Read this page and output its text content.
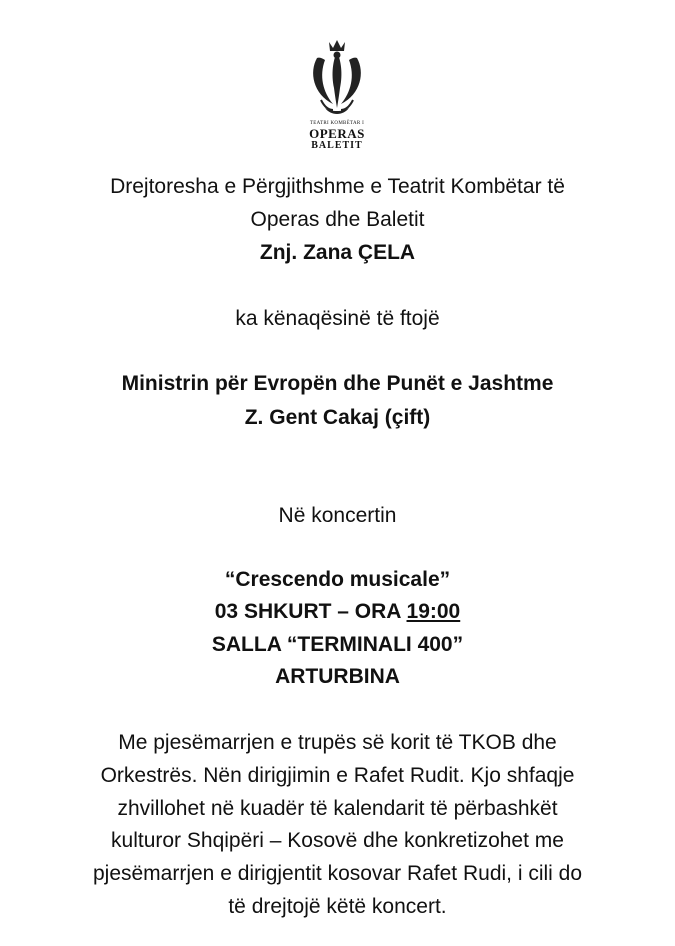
TEATRI KOMBËTAR I
OPERAS
BALETIT
Drejtoresha e Përgjithshme e Teatrit Kombëtar të
Operas dhe Baletit
Znj. Zana ÇELA
ka kënaqësinë të ftojë
Ministrin për Evropën dhe Punët e Jashtme
Z. Gent Cakaj (çift)
Në koncertin
“Crescendo musicale”
03 SHKURT – ORA 19:00
SALLA “TERMINALI 400”
ARTURBINA
Me pjesëmarrjen e trupës së korit të TKOB dhe
Orkestrës. Nën dirigjimin e Rafet Rudit. Kjo shfaqje
zhvillohet në kuadër të kalendarit të përbashkët
kulturor Shqipëri – Kosovë dhe konkretizohet me
pjesëmarrjen e dirigjentit kosovar Rafet Rudi, i cili do
të drejtojë këtë koncert.
